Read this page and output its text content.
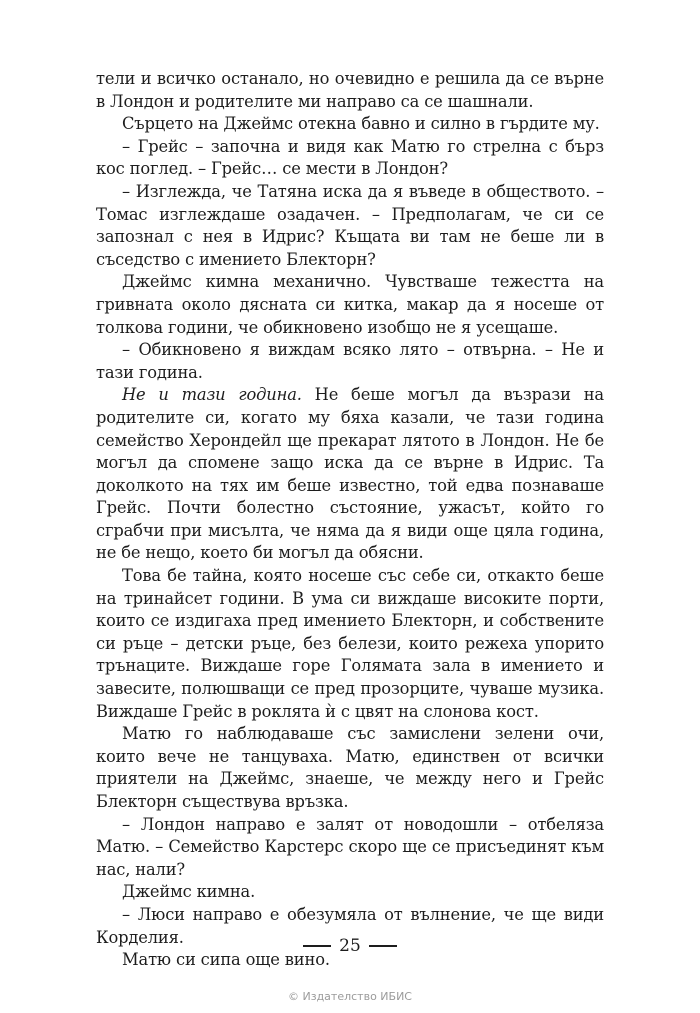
тели и всичко останало, но очевидно е решила да се върне в Лондон и родителите ми направо са се шашнали.

Сърцето на Джеймс отекна бавно и силно в гърдите му.

– Грейс – започна и видя как Матю го стрелна с бърз кос поглед. – Грейс… се мести в Лондон?

– Изглежда, че Татяна иска да я въведе в обществото. – Томас изглеждаше озадачен. – Предполагам, че си се запознал с нея в Идрис? Къщата ви там не беше ли в съседство с имението Блекторн?

Джеймс кимна механично. Чувстваше тежестта на гривната около дясната си китка, макар да я носеше от толкова години, че обикновено изобщо не я усещаше.

– Обикновено я виждам всяко лято – отвърна. – Не и тази година.

Не и тази година. Не беше могъл да възрази на родителите си, когато му бяха казали, че тази година семейство Херондейл ще прекарат лятото в Лондон. Не бе могъл да спомене защо иска да се върне в Идрис. Та доколкото на тях им беше известно, той едва познаваше Грейс. Почти болестно състояние, ужасът, който го сграбчи при мисълта, че няма да я види още цяла година, не бе нещо, което би могъл да обясни.

Това бе тайна, която носеше със себе си, откакто беше на тринайсет години. В ума си виждаше високите порти, които се издигаха пред имението Блекторн, и собствените си ръце – детски ръце, без белези, които режеха упорито трънаците. Виждаше горе Голямата зала в имението и завесите, полюшващи се пред прозорците, чуваше музика. Виждаше Грейс в роклята ѝ с цвят на слонова кост.

Матю го наблюдаваше със замислени зелени очи, които вече не танцуваха. Матю, единствен от всички приятели на Джеймс, знаеше, че между него и Грейс Блекторн съществува връзка.

– Лондон направо е залят от новодошли – отбеляза Матю. – Семейство Карстерс скоро ще се присъединят към нас, нали?

Джеймс кимна.

– Люси направо е обезумяла от вълнение, че ще види Корделия.

Матю си сипа още вино.

25
© Издателство ИБИС
